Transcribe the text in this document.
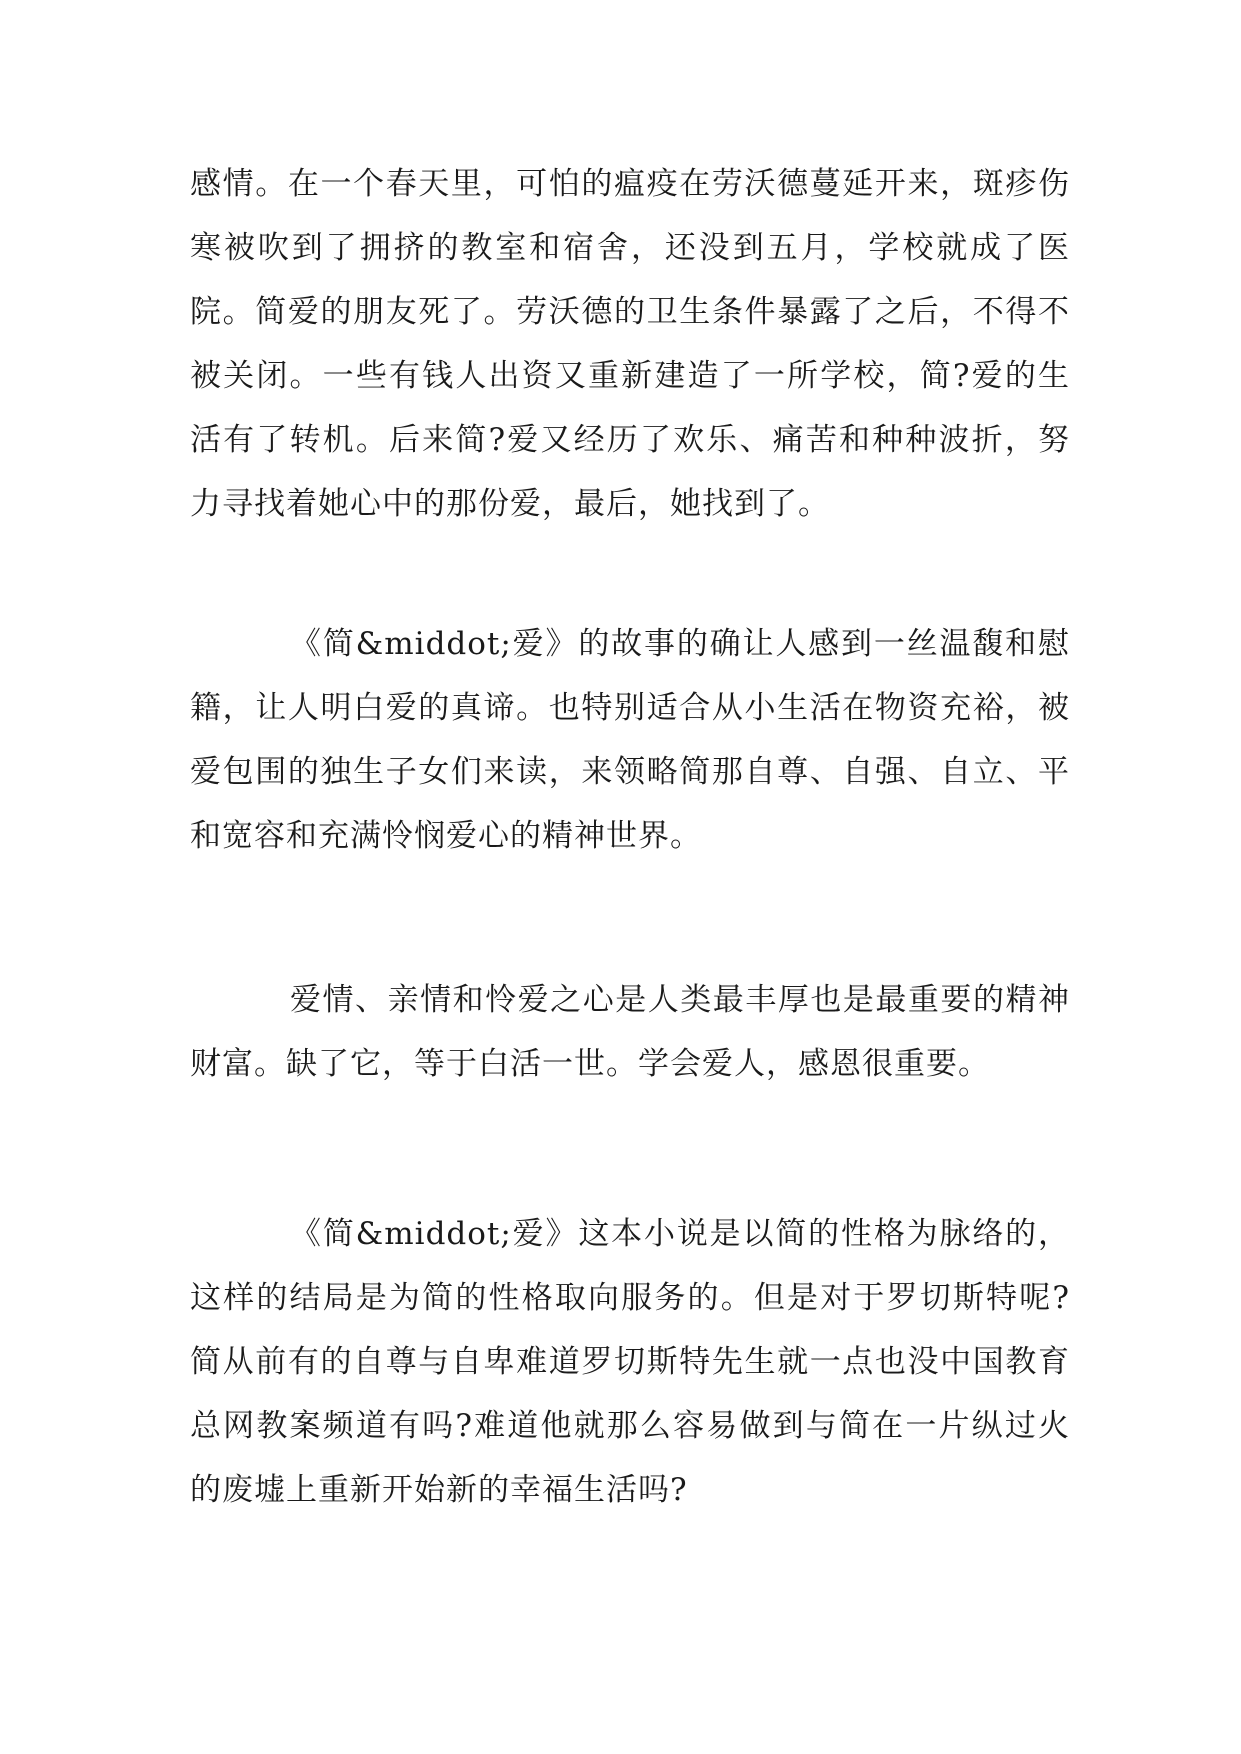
感情。在一个春天里，可怕的瘟疫在劳沃德蔓延开来，斑疹伤寒被吹到了拥挤的教室和宿舍，还没到五月，学校就成了医院。简爱的朋友死了。劳沃德的卫生条件暴露了之后，不得不被关闭。一些有钱人出资又重新建造了一所学校，简?爱的生活有了转机。后来简?爱又经历了欢乐、痛苦和种种波折，努力寻找着她心中的那份爱，最后，她找到了。

《简&middot;爱》的故事的确让人感到一丝温馥和慰籍，让人明白爱的真谛。也特别适合从小生活在物资充裕，被爱包围的独生子女们来读，来领略简那自尊、自强、自立、平和宽容和充满怜悯爱心的精神世界。

爱情、亲情和怜爱之心是人类最丰厚也是最重要的精神财富。缺了它，等于白活一世。学会爱人，感恩很重要。

《简&middot;爱》这本小说是以简的性格为脉络的，这样的结局是为简的性格取向服务的。但是对于罗切斯特呢?简从前有的自尊与自卑难道罗切斯特先生就一点也没中国教育总网教案频道有吗?难道他就那么容易做到与简在一片纵过火的废墟上重新开始新的幸福生活吗?
